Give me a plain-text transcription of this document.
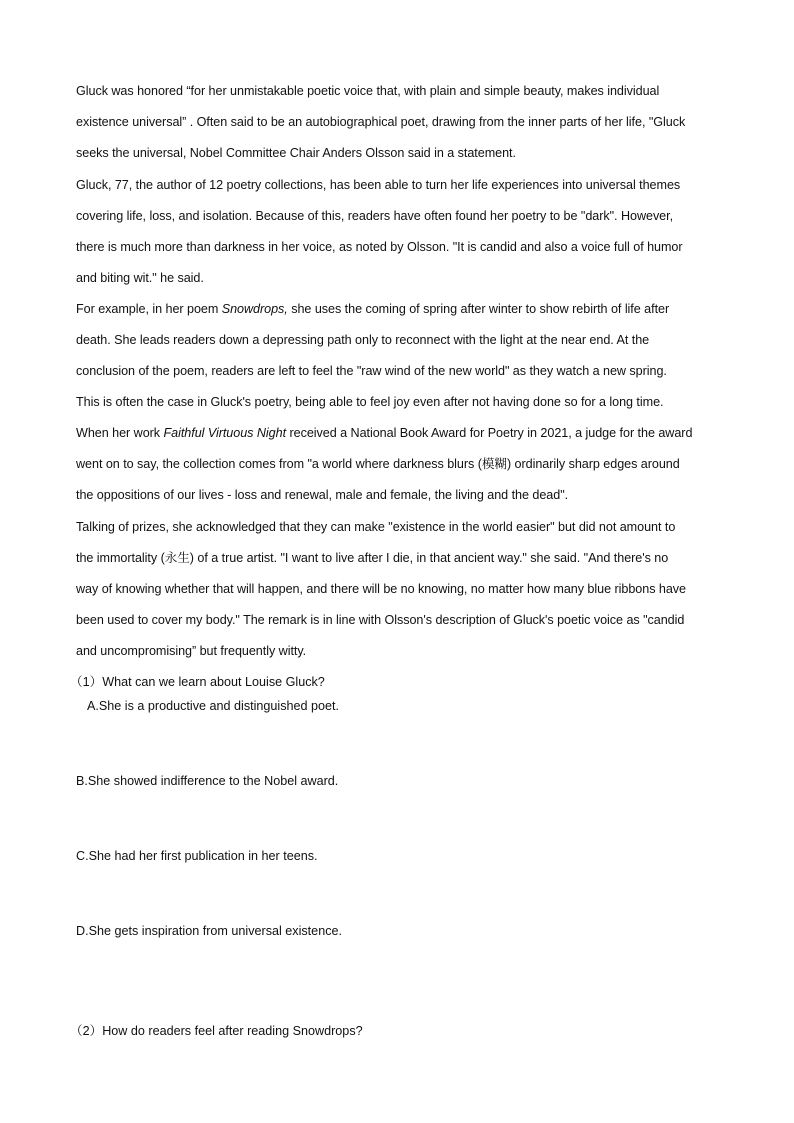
Gluck was honored “for her unmistakable poetic voice that, with plain and simple beauty, makes individual
existence universal” . Often said to be an autobiographical poet, drawing from the inner parts of her life, "Gluck
seeks the universal, Nobel Committee Chair Anders Olsson said in a statement.

Gluck, 77, the author of 12 poetry collections, has been able to turn her life experiences into universal themes
covering life, loss, and isolation. Because of this, readers have often found her poetry to be "dark". However,
there is much more than darkness in her voice, as noted by Olsson. "It is candid and also a voice full of humor
and biting wit." he said.

For example, in her poem Snowdrops, she uses the coming of spring after winter to show rebirth of life after
death. She leads readers down a depressing path only to reconnect with the light at the near end. At the
conclusion of the poem, readers are left to feel the "raw wind of the new world" as they watch a new spring.
This is often the case in Gluck's poetry, being able to feel joy even after not having done so for a long time.

When her work Faithful Virtuous Night received a National Book Award for Poetry in 2021, a judge for the award
went on to say, the collection comes from "a world where darkness blurs (模糊) ordinarily sharp edges around
the oppositions of our lives - loss and renewal, male and female, the living and the dead".

Talking of prizes, she acknowledged that they can make "existence in the world easier" but did not amount to
the immortality (永生) of a true artist. "I want to live after I die, in that ancient way." she said. "And there's no
way of knowing whether that will happen, and there will be no knowing, no matter how many blue ribbons have
been used to cover my body." The remark is in line with Olsson's description of Gluck's poetic voice as "candid
and uncompromising” but frequently witty.

（1）What can we learn about Louise Gluck?

A.She is a productive and distinguished poet.

B.She showed indifference to the Nobel award.

C.She had her first publication in her teens.

D.She gets inspiration from universal existence.

（2）How do readers feel after reading Snowdrops?
